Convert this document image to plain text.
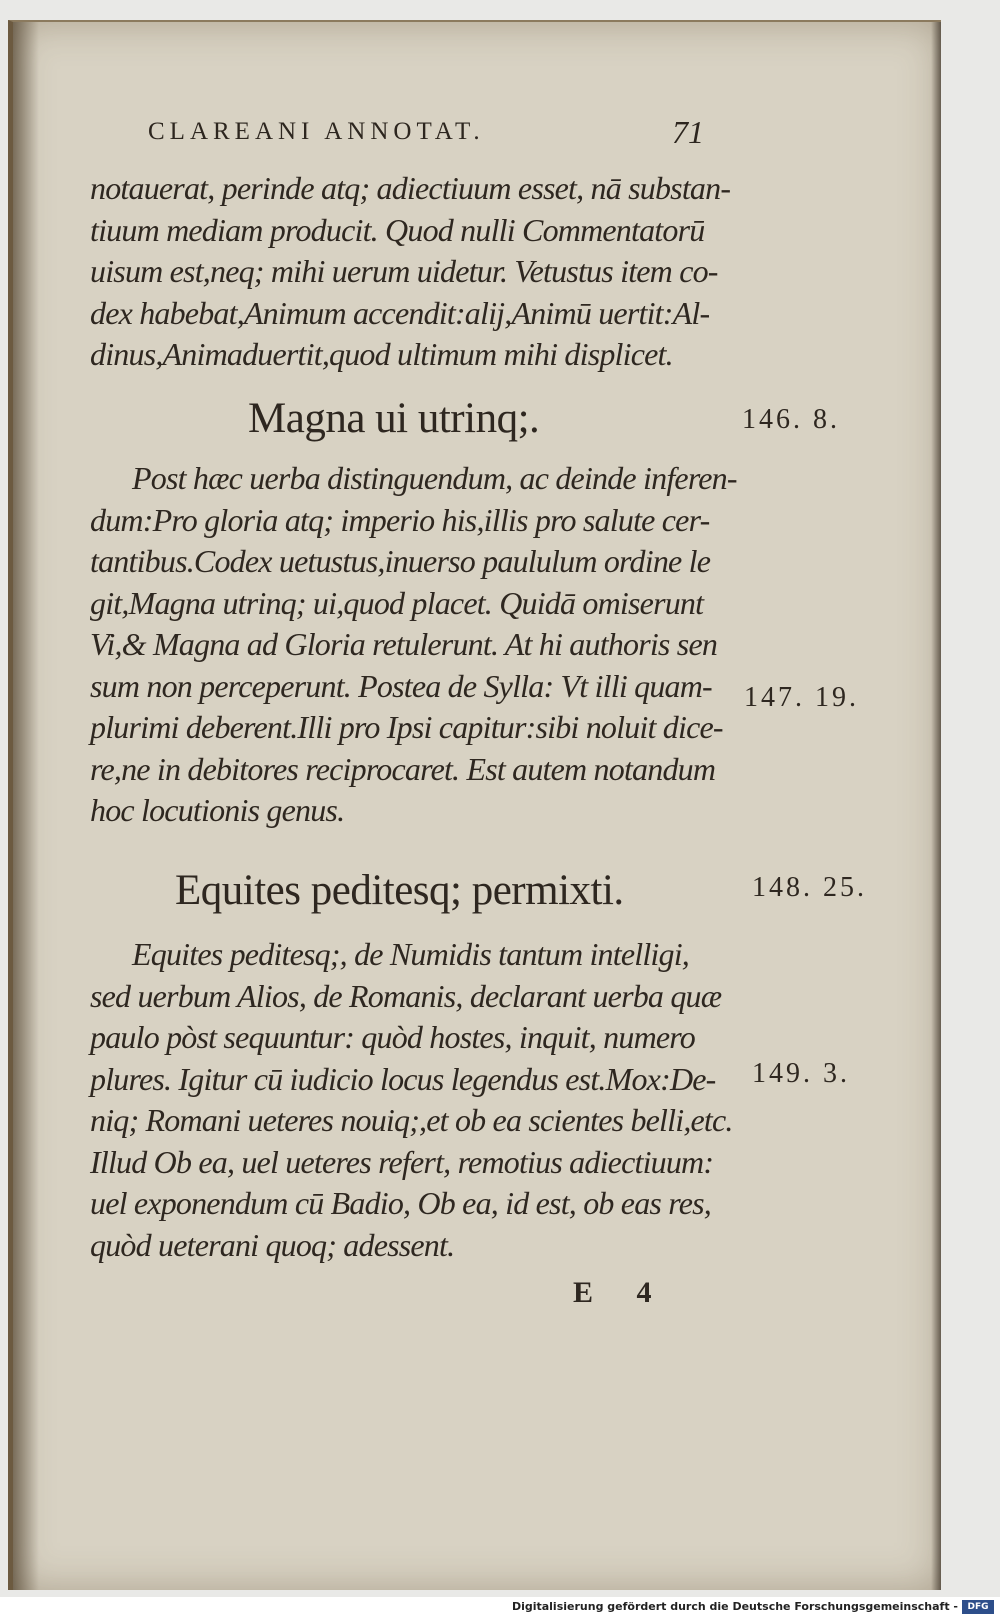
CLAREANI ANNOTAT.	71
notauerat, perinde atq; adiectiuum esset, nā substan-
tiuum mediam producit. Quod nulli Commentatorū
uisum est,neq; mihi uerum uidetur. Vetustus item co-
dex habebat,Animum accendit:alij,Animū uertit:Al-
dinus,Animaduertit,quod ultimum mihi displicet.
Magna ui utrinq;.	146. 8.
Post hæc uerba distinguendum, ac deinde inferen-
dum:Pro gloria atq; imperio his,illis pro salute cer-
tantibus.Codex uetustus,inuerso paululum ordine le
git,Magna utrinq; ui,quod placet. Quidā omiserunt
Vi,& Magna ad Gloria retulerunt. At hi authoris sen
sum non perceperunt. Postea de Sylla: Vt illi quam-
plurimi deberent.Illi pro Ipsi capitur:sibi noluit dice-
re,ne in debitores reciprocaret. Est autem notandum
hoc locutionis genus.
147. 19.
Equites peditesq; permixti.	148. 25.
Equites peditesq;, de Numidis tantum intelligi,
sed uerbum Alios, de Romanis, declarant uerba quæ
paulo pòst sequuntur: quòd hostes, inquit, numero
plures. Igitur cū iudicio locus legendus est.Mox:De-
niq; Romani ueteres nouiq;,et ob ea scientes belli,etc.
Illud Ob ea, uel ueteres refert, remotius adiectiuum:
uel exponendum cū Badio, Ob ea, id est, ob eas res,
quòd ueterani quoq; adessent.
149. 3.
E 4
Digitalisierung gefördert durch die Deutsche Forschungsgemeinschaft -	DFG
